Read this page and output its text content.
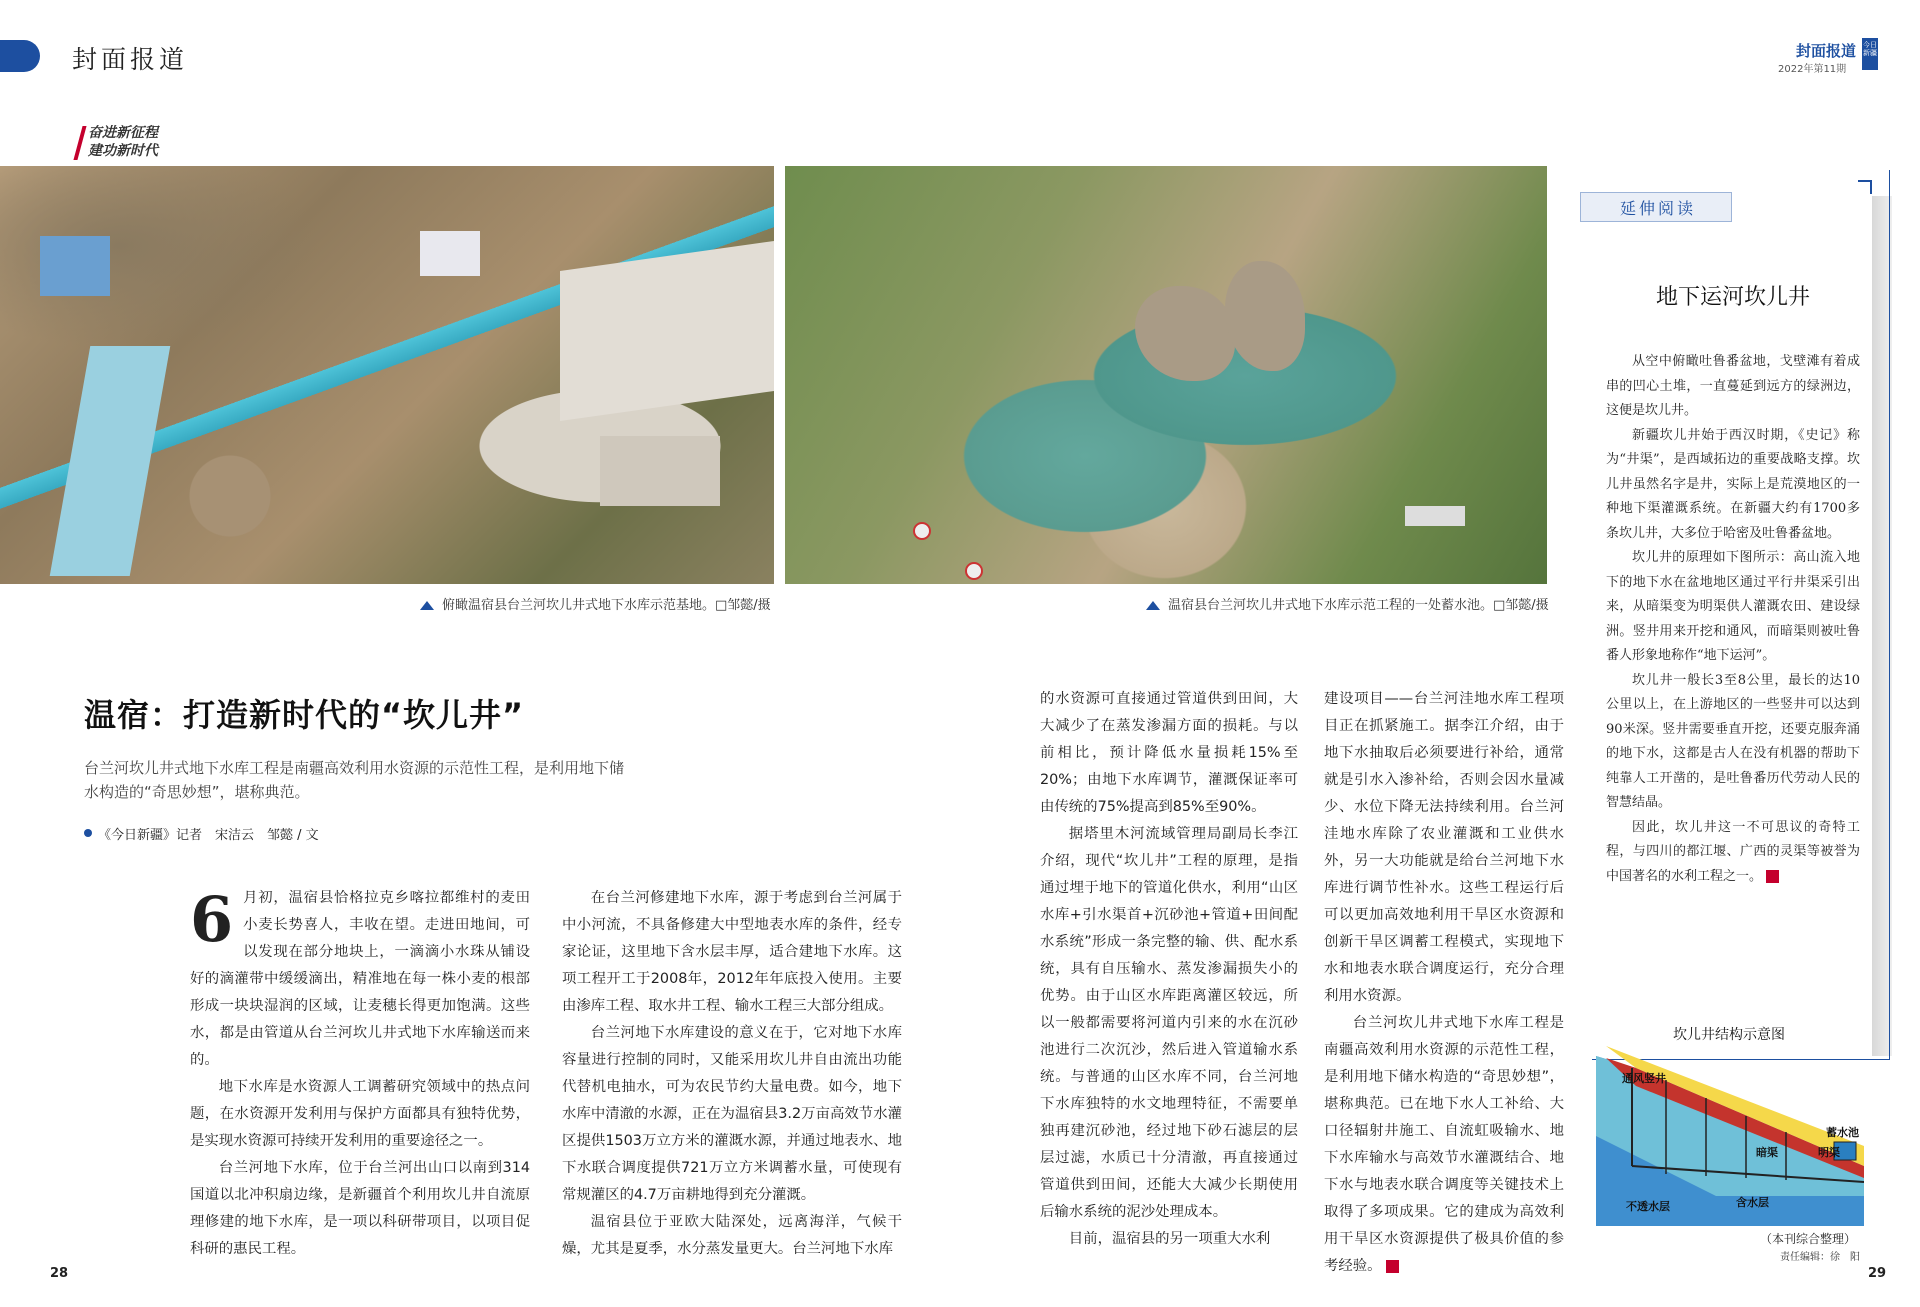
封面报道	封面报道
2022年第11期
今日新疆
奋进新征程
建功新时代
俯瞰温宿县台兰河坎儿井式地下水库示范基地。□邹懿/摄	温宿县台兰河坎儿井式地下水库示范工程的一处蓄水池。□邹懿/摄
温宿：打造新时代的“坎儿井”
台兰河坎儿井式地下水库工程是南疆高效利用水资源的示范性工程，是利用地下储水构造的“奇思妙想”，堪称典范。
《今日新疆》记者　宋洁云　邹懿 / 文
6 月初，温宿县恰格拉克乡喀拉都维村的麦田小麦长势喜人，丰收在望。走进田地间，可以发现在部分地块上，一滴滴小水珠从铺设好的滴灌带中缓缓滴出，精准地在每一株小麦的根部形成一块块湿润的区域，让麦穗长得更加饱满。这些水，都是由管道从台兰河坎儿井式地下水库输送而来的。

地下水库是水资源人工调蓄研究领域中的热点问题，在水资源开发利用与保护方面都具有独特优势，是实现水资源可持续开发利用的重要途径之一。

台兰河地下水库，位于台兰河出山口以南到314国道以北冲积扇边缘，是新疆首个利用坎儿井自流原理修建的地下水库，是一项以科研带项目，以项目促科研的惠民工程。

在台兰河修建地下水库，源于考虑到台兰河属于中小河流，不具备修建大中型地表水库的条件，经专家论证，这里地下含水层丰厚，适合建地下水库。这项工程开工于2008年，2012年年底投入使用。主要由渗库工程、取水井工程、输水工程三大部分组成。

台兰河地下水库建设的意义在于，它对地下水库容量进行控制的同时，又能采用坎儿井自由流出功能代替机电抽水，可为农民节约大量电费。如今，地下水库中清澈的水源，正在为温宿县3.2万亩高效节水灌区提供1503万立方米的灌溉水源，并通过地表水、地下水联合调度提供721万立方米调蓄水量，可使现有常规灌区的4.7万亩耕地得到充分灌溉。

温宿县位于亚欧大陆深处，远离海洋，气候干燥，尤其是夏季，水分蒸发量更大。台兰河地下水库

的水资源可直接通过管道供到田间，大大减少了在蒸发渗漏方面的损耗。与以前相比，预计降低水量损耗15%至20%；由地下水库调节，灌溉保证率可由传统的75%提高到85%至90%。

据塔里木河流域管理局副局长李江介绍，现代“坎儿井”工程的原理，是指通过埋于地下的管道化供水，利用“山区水库+引水渠首+沉砂池+管道+田间配水系统”形成一条完整的输、供、配水系统，具有自压输水、蒸发渗漏损失小的优势。由于山区水库距离灌区较远，所以一般都需要将河道内引来的水在沉砂池进行二次沉沙，然后进入管道输水系统。与普通的山区水库不同，台兰河地下水库独特的水文地理特征，不需要单独再建沉砂池，经过地下砂石滤层的层层过滤，水质已十分清澈，再直接通过管道供到田间，还能大大减少长期使用后输水系统的泥沙处理成本。

目前，温宿县的另一项重大水利

建设项目——台兰河洼地水库工程项目正在抓紧施工。据李江介绍，由于地下水抽取后必须要进行补给，通常就是引水入渗补给，否则会因水量减少、水位下降无法持续利用。台兰河洼地水库除了农业灌溉和工业供水外，另一大功能就是给台兰河地下水库进行调节性补水。这些工程运行后可以更加高效地利用干旱区水资源和创新干旱区调蓄工程模式，实现地下水和地表水联合调度运行，充分合理利用水资源。

台兰河坎儿井式地下水库工程是南疆高效利用水资源的示范性工程，是利用地下储水构造的“奇思妙想”，堪称典范。已在地下水人工补给、大口径辐射井施工、自流虹吸输水、地下水库输水与高效节水灌溉结合、地下水与地表水联合调度等关键技术上取得了多项成果。它的建成为高效利用干旱区水资源提供了极具价值的参考经验。

延伸阅读
地下运河坎儿井

从空中俯瞰吐鲁番盆地，戈壁滩有着成串的凹心土堆，一直蔓延到远方的绿洲边，这便是坎儿井。

新疆坎儿井始于西汉时期，《史记》称为“井渠”，是西域拓边的重要战略支撑。坎儿井虽然名字是井，实际上是荒漠地区的一种地下渠灌溉系统。在新疆大约有1700多条坎儿井，大多位于哈密及吐鲁番盆地。

坎儿井的原理如下图所示：高山流入地下的地下水在盆地地区通过平行井渠采引出来，从暗渠变为明渠供人灌溉农田、建设绿洲。竖井用来开挖和通风，而暗渠则被吐鲁番人形象地称作“地下运河”。

坎儿井一般长3至8公里，最长的达10公里以上，在上游地区的一些竖井可以达到90米深。竖井需要垂直开挖，还要克服奔涌的地下水，这都是古人在没有机器的帮助下纯靠人工开凿的，是吐鲁番历代劳动人民的智慧结晶。

因此，坎儿井这一不可思议的奇特工程，与四川的都江堰、广西的灵渠等被誉为中国著名的水利工程之一。

坎儿井结构示意图
通风竖井
蓄水池
明渠
暗渠
含水层
不透水层
（本刊综合整理）
28
责任编辑：徐　阳
29
